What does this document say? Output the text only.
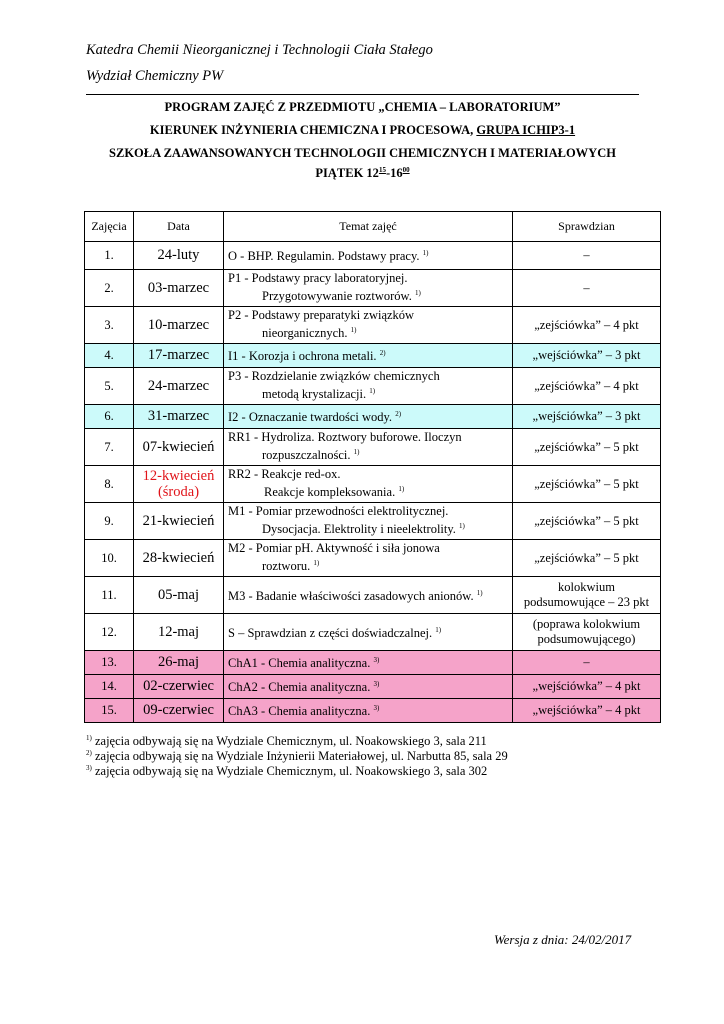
Katedra Chemii Nieorganicznej i Technologii Ciała Stałego
Wydział Chemiczny PW
PROGRAM ZAJĘĆ Z PRZEDMIOTU „CHEMIA – LABORATORIUM”
KIERUNEK INŻYNIERIA CHEMICZNA I PROCESOWA, GRUPA ICHIP3-1
SZKOŁA ZAAWANSOWANYCH TECHNOLOGII CHEMICZNYCH I MATERIAŁOWYCH
PIĄTEK $12^{15}-16^{00}$
Zajęcia	Data	Temat zajęć	Sprawdzian
1.	24-luty	O - BHP. Regulamin. Podstawy pracy. $^{1)}$	–
2.	03-marzec	P1 - Podstawy pracy laboratoryjnej.
Przygotowywanie roztworów. $^{1)}$	–
3.	10-marzec	P2 - Podstawy preparatyki związków
nieorganicznych. $^{1)}$	„zejściówka” – 4 pkt
4.	17-marzec	I1 - Korozja i ochrona metali. $^{2)}$	„wejściówka” – 3 pkt
5.	24-marzec	P3 - Rozdzielanie związków chemicznych
metodą krystalizacji. $^{1)}$	„zejściówka” – 4 pkt
6.	31-marzec	I2 - Oznaczanie twardości wody. $^{2)}$	„wejściówka” – 3 pkt
7.	07-kwiecień	RR1 - Hydroliza. Roztwory buforowe. Iloczyn
rozpuszczalności. $^{1)}$	„zejściówka” – 5 pkt
8.	12-kwiecień
(środa)	RR2 - Reakcje red-ox.
Reakcje kompleksowania. $^{1)}$	„zejściówka” – 5 pkt
9.	21-kwiecień	M1 - Pomiar przewodności elektrolitycznej.
Dysocjacja. Elektrolity i nieelektrolity. $^{1)}$	„zejściówka” – 5 pkt
10.	28-kwiecień	M2 - Pomiar pH. Aktywność i siła jonowa
roztworu. $^{1)}$	„zejściówka” – 5 pkt
11.	05-maj	M3 - Badanie właściwości zasadowych anionów. $^{1)}$	kolokwium
podsumowujące – 23 pkt
12.	12-maj	S – Sprawdzian z części doświadczalnej. $^{1)}$	(poprawa kolokwium
podsumowującego)
13.	26-maj	ChA1 - Chemia analityczna. $^{3)}$	–
14.	02-czerwiec	ChA2 - Chemia analityczna. $^{3)}$	„wejściówka” – 4 pkt
15.	09-czerwiec	ChA3 - Chemia analityczna. $^{3)}$	„wejściówka” – 4 pkt
$^{1)}$ zajęcia odbywają się na Wydziale Chemicznym, ul. Noakowskiego 3, sala 211
$^{2)}$ zajęcia odbywają się na Wydziale Inżynierii Materiałowej, ul. Narbutta 85, sala 29
$^{3)}$ zajęcia odbywają się na Wydziale Chemicznym, ul. Noakowskiego 3, sala 302
Wersja z dnia: 24/02/2017
